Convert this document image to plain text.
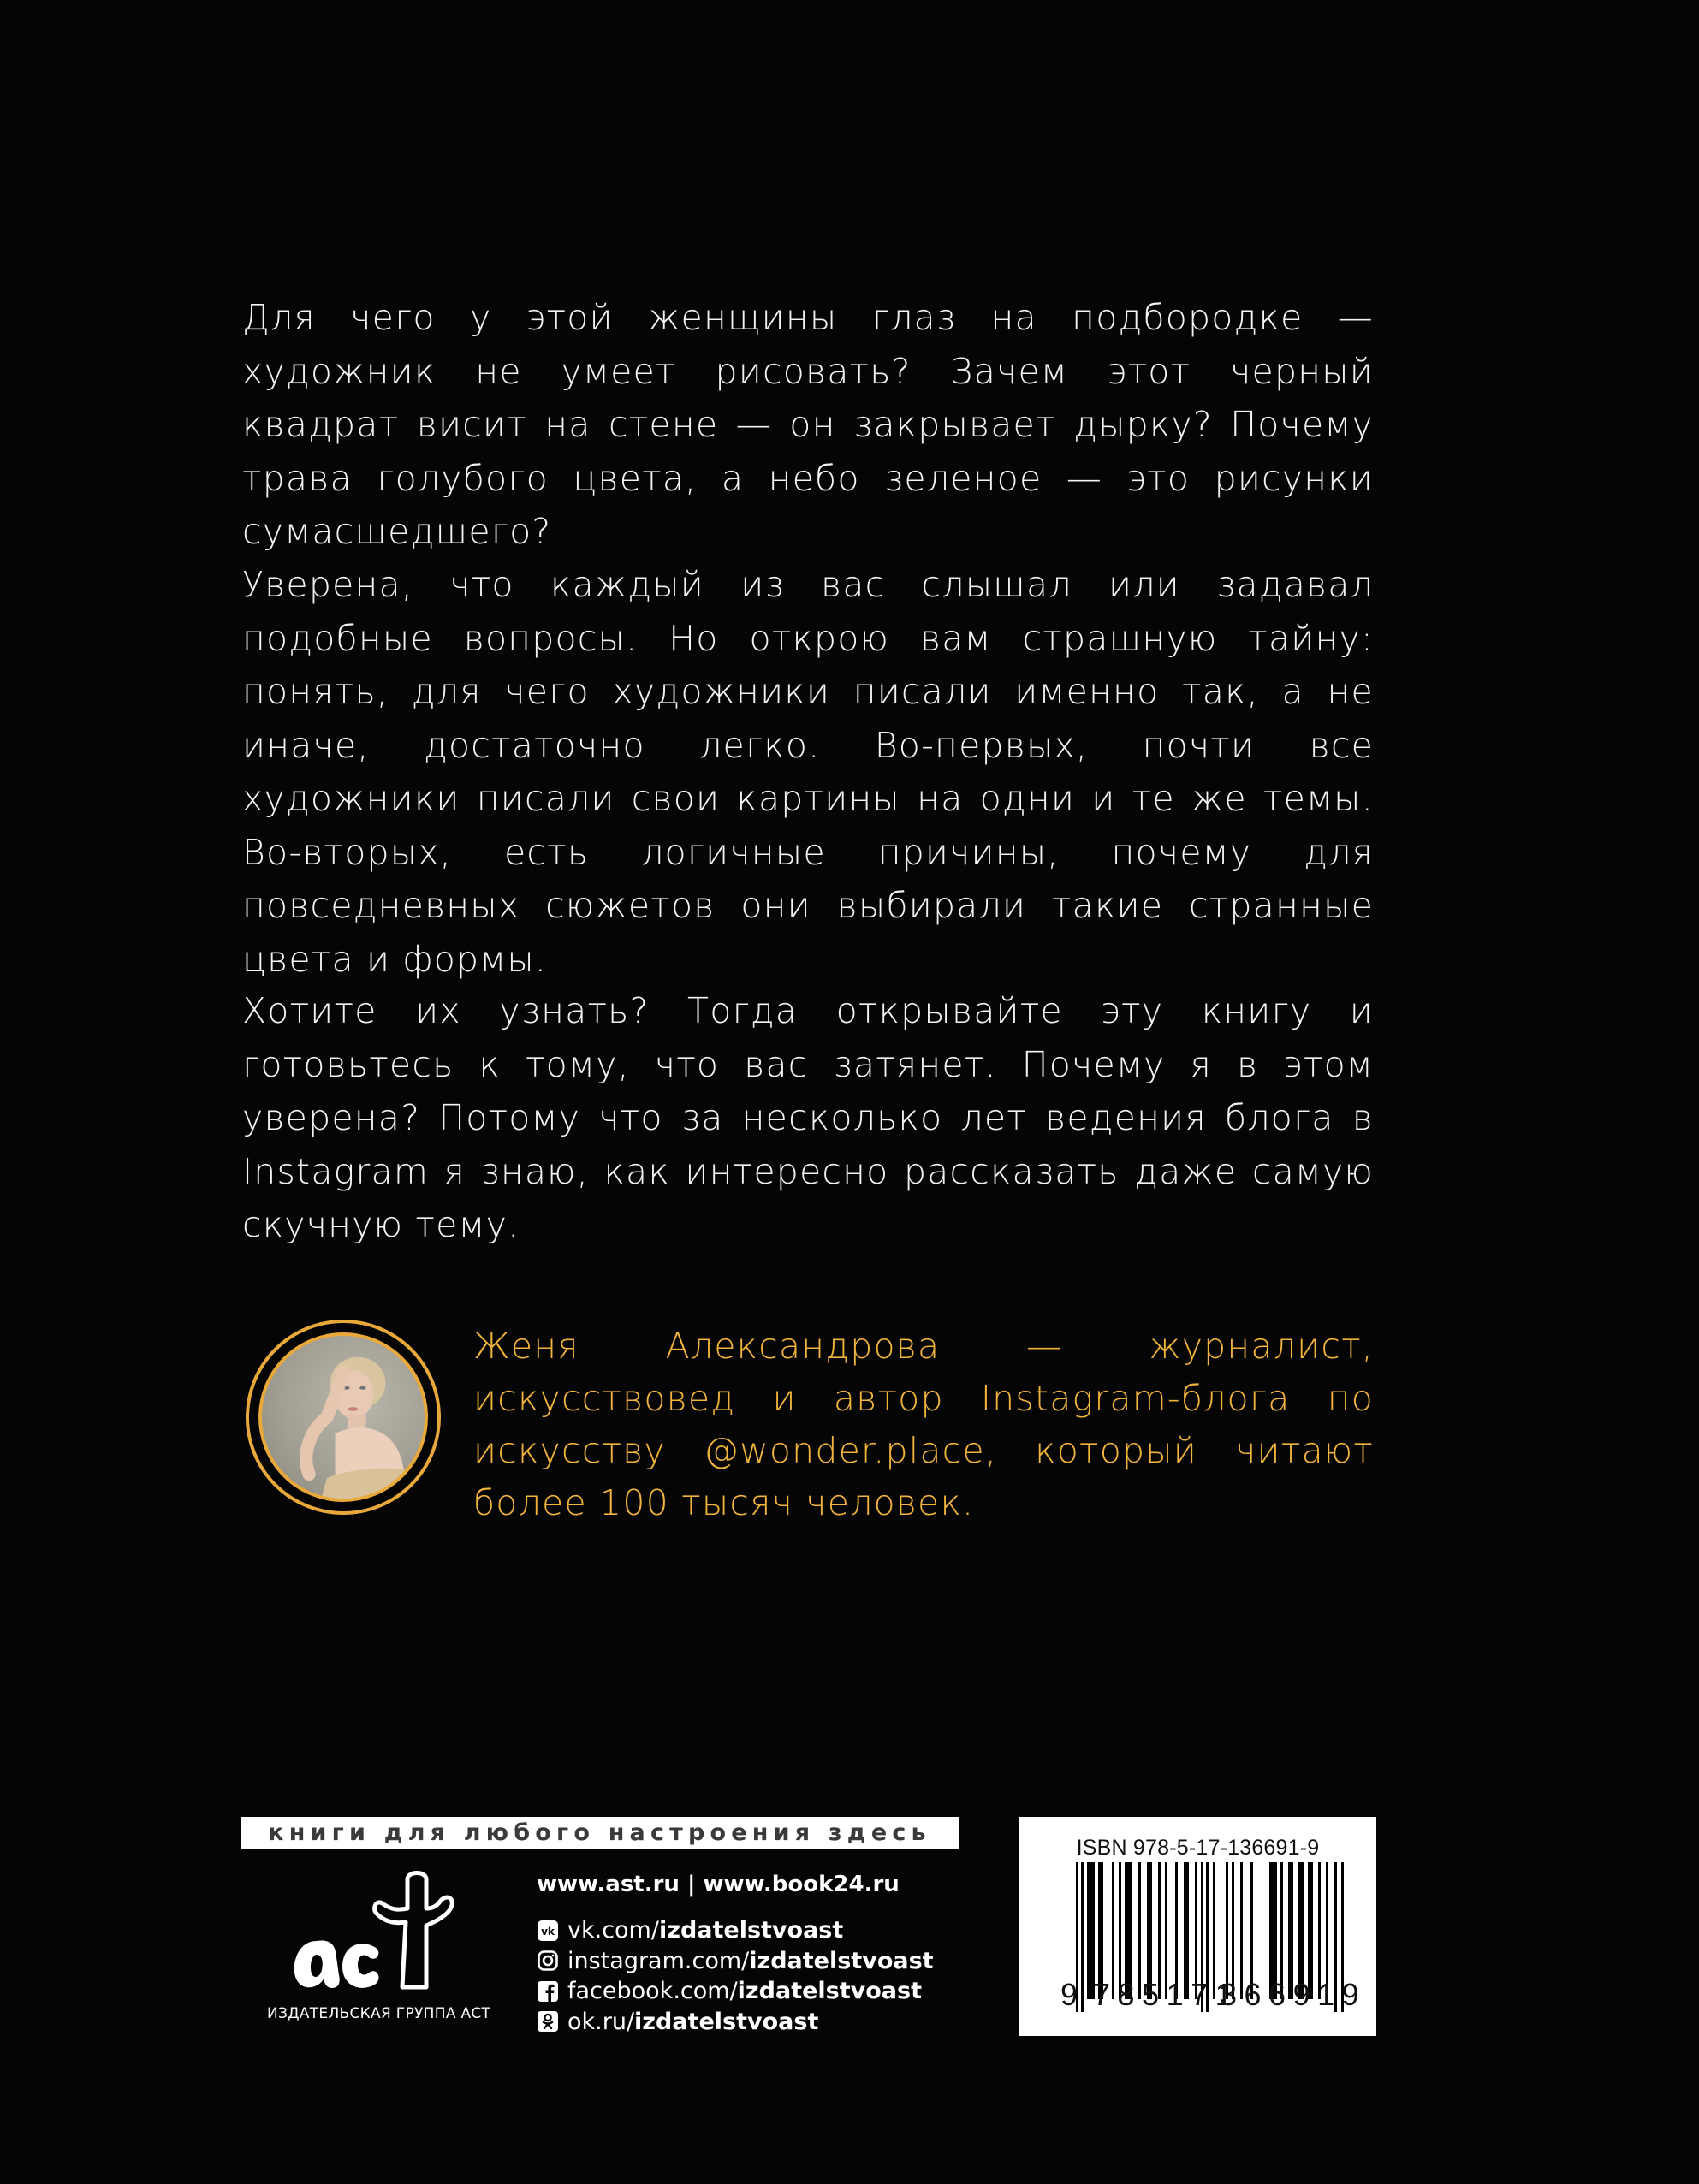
Для чего у этой женщины глаз на подбородке — художник не умеет рисовать? Зачем этот черный квадрат висит на стене — он закрывает дырку? Почему трава голубого цвета, а небо зеленое — это рисунки сумасшедшего?

Уверена, что каждый из вас слышал или задавал подобные вопросы. Но открою вам страшную тайну: понять, для чего художники писали именно так, а не иначе, достаточно легко. Во-первых, почти все художники писали свои картины на одни и те же темы. Во-вторых, есть логичные причины, почему для повседневных сюжетов они выбирали такие странные цвета и формы.

Хотите их узнать? Тогда открывайте эту книгу и готовьтесь к тому, что вас затянет. Почему я в этом уверена? Потому что за несколько лет ведения блога в Instagram я знаю, как интересно рассказать даже самую скучную тему.

Женя Александрова — журналист, искусствовед и автор Instagram-блога по искусству @wonder.place, который читают более 100 тысяч человек.

книги для любого настроения здесь
ИЗДАТЕЛЬСКАЯ ГРУППА АСТ
www.ast.ru | www.book24.ru
vk vk.com/ izdatelstvoast
instagram.com/ izdatelstvoast
facebook.com/ izdatelstvoast
ok.ru/ izdatelstvoast
ISBN 978-5-17-136691-9
9 785171
366919
